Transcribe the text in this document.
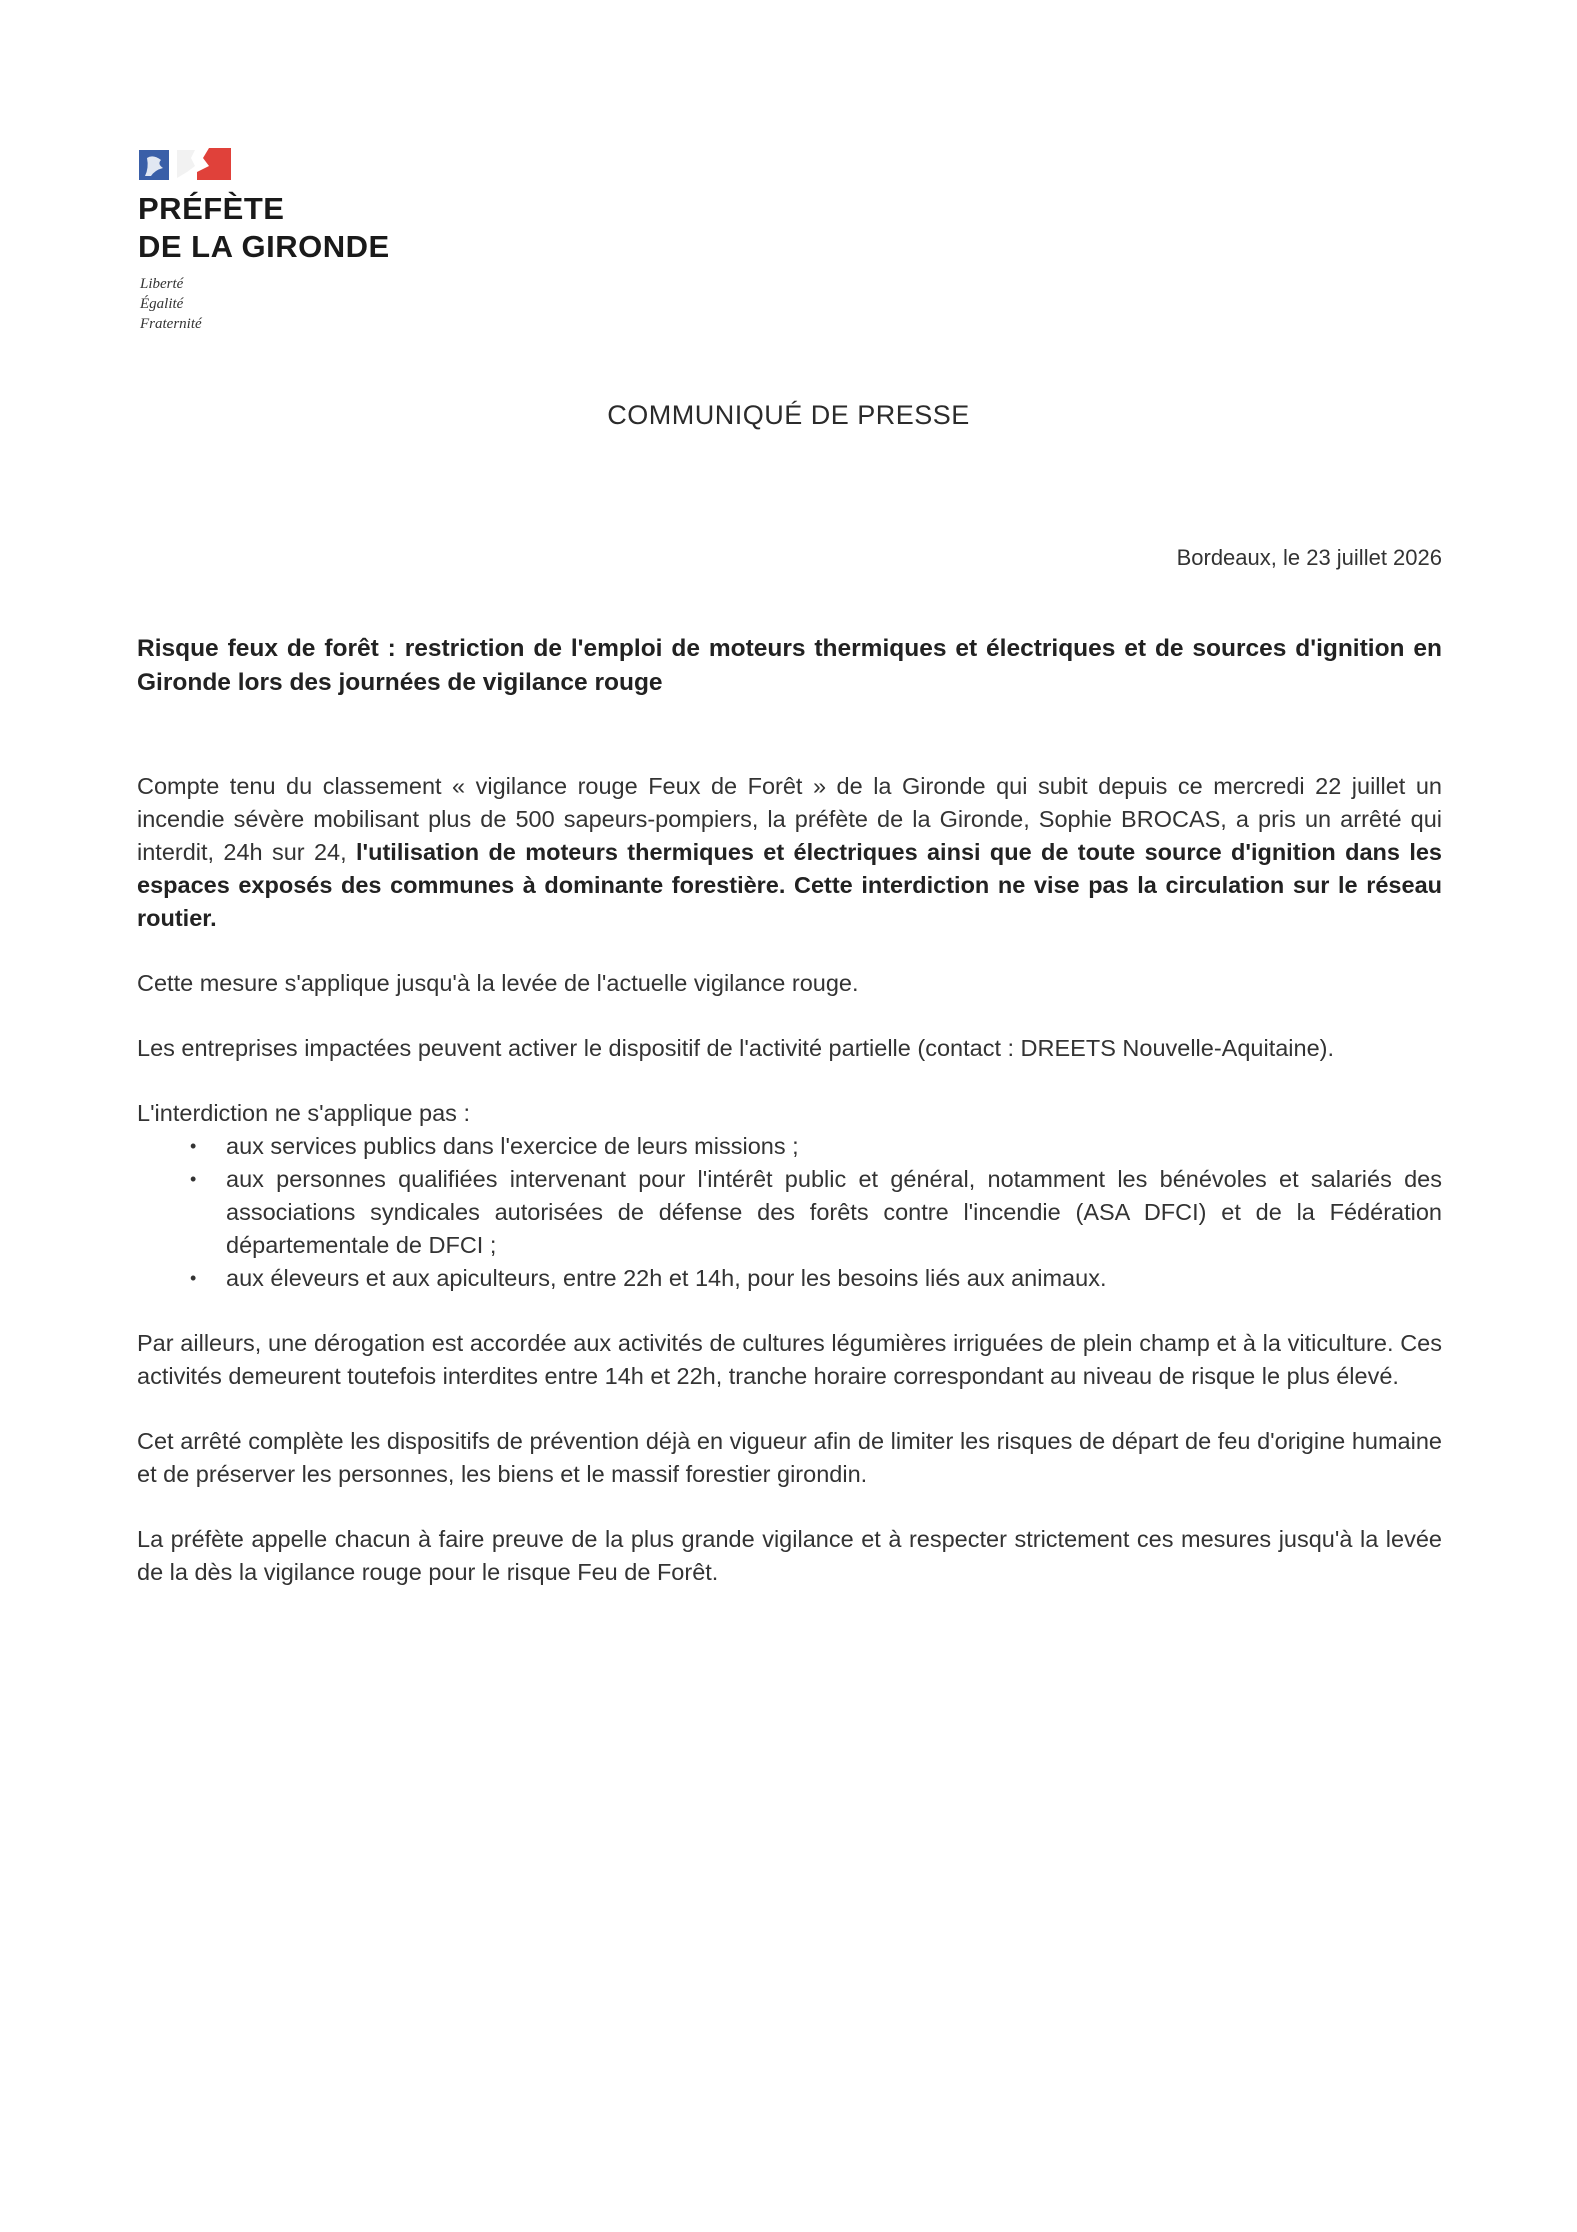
PRÉFÈTE
DE LA GIRONDE
Liberté
Égalité
Fraternité
COMMUNIQUÉ DE PRESSE
Bordeaux, le 23 juillet 2026
Risque feux de forêt : restriction de l'emploi de moteurs thermiques et électriques et de sources d'ignition en Gironde lors des journées de vigilance rouge

Compte tenu du classement « vigilance rouge Feux de Forêt » de la Gironde qui subit depuis ce mercredi 22 juillet un incendie sévère mobilisant plus de 500 sapeurs-pompiers, la préfète de la Gironde, Sophie BROCAS, a pris un arrêté qui interdit, 24h sur 24, l'utilisation de moteurs thermiques et électriques ainsi que de toute source d'ignition dans les espaces exposés des communes à dominante forestière. Cette interdiction ne vise pas la circulation sur le réseau routier.

Cette mesure s'applique jusqu'à la levée de l'actuelle vigilance rouge.

Les entreprises impactées peuvent activer le dispositif de l'activité partielle (contact : DREETS Nouvelle-Aquitaine).

L'interdiction ne s'applique pas :

• aux services publics dans l'exercice de leurs missions ;
• aux personnes qualifiées intervenant pour l'intérêt public et général, notamment les bénévoles et salariés des associations syndicales autorisées de défense des forêts contre l'incendie (ASA DFCI) et de la Fédération départementale de DFCI ;
• aux éleveurs et aux apiculteurs, entre 22h et 14h, pour les besoins liés aux animaux.

Par ailleurs, une dérogation est accordée aux activités de cultures légumières irriguées de plein champ et à la viticulture. Ces activités demeurent toutefois interdites entre 14h et 22h, tranche horaire correspondant au niveau de risque le plus élevé.

Cet arrêté complète les dispositifs de prévention déjà en vigueur afin de limiter les risques de départ de feu d'origine humaine et de préserver les personnes, les biens et le massif forestier girondin.

La préfète appelle chacun à faire preuve de la plus grande vigilance et à respecter strictement ces mesures jusqu'à la levée de la dès la vigilance rouge pour le risque Feu de Forêt.
